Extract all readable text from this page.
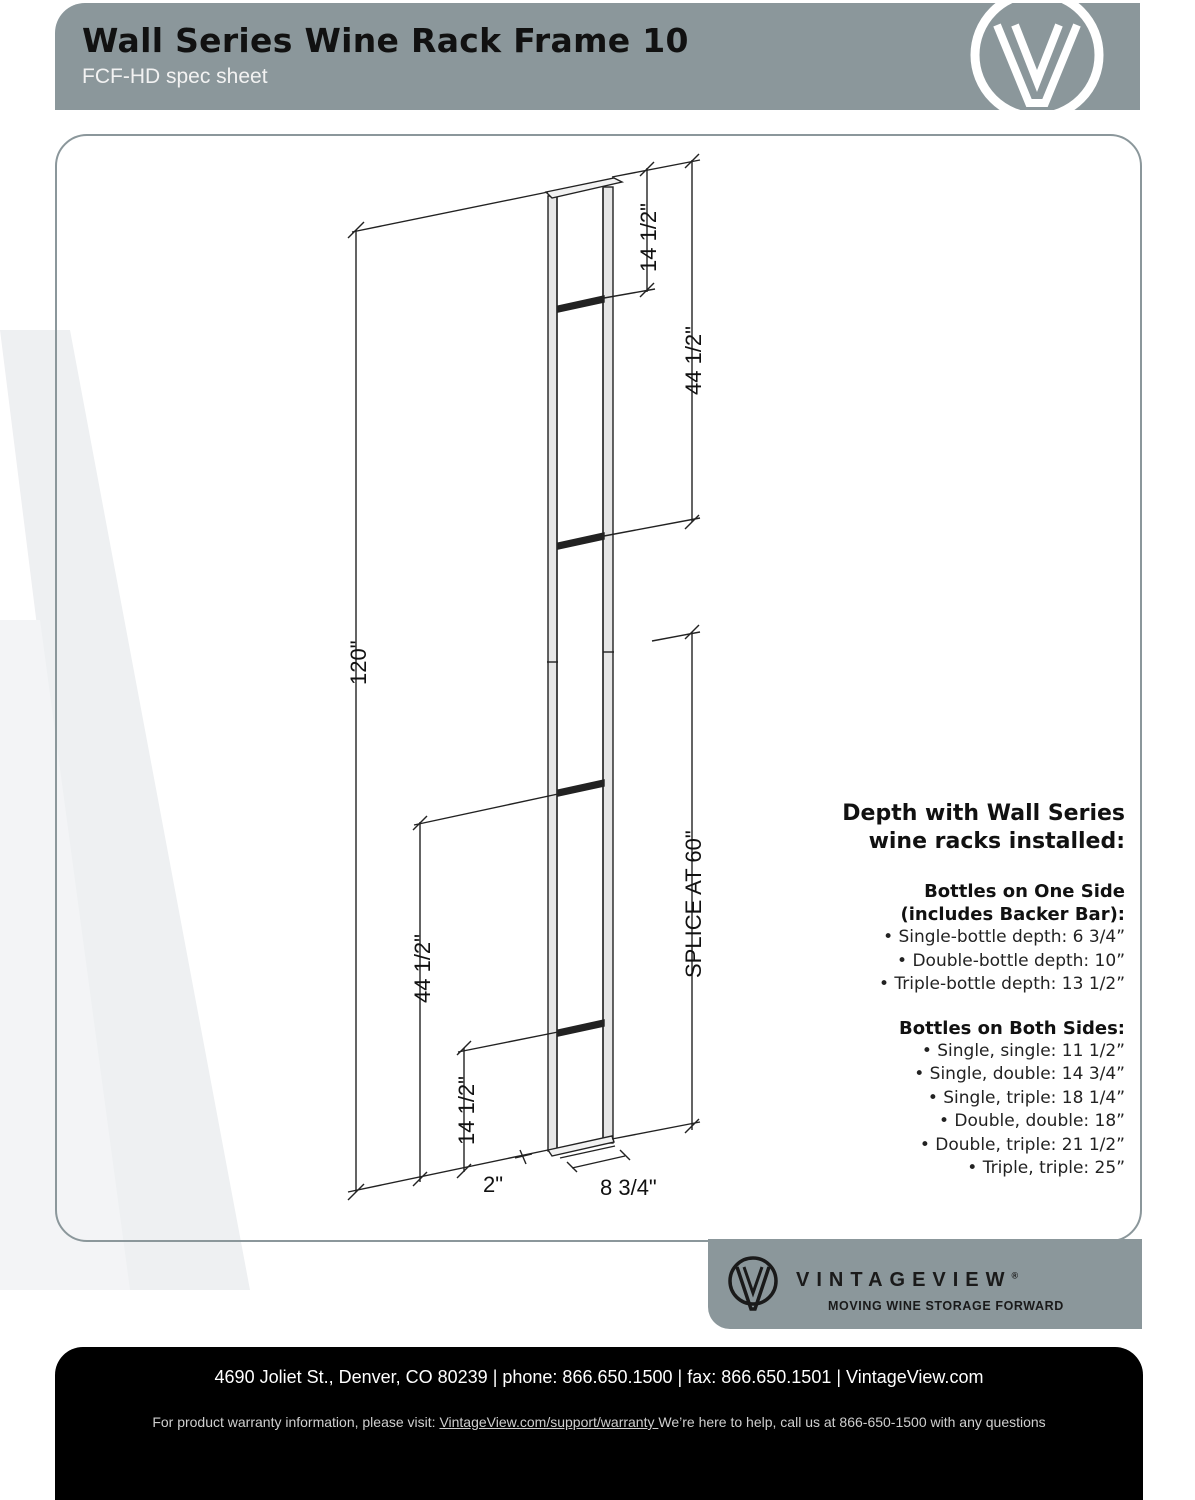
Wall Series Wine Rack Frame 10
FCF-HD spec sheet
14 1/2"
44 1/2"
120"
SPLICE AT 60"
44 1/2"
14 1/2"
2"	8 3/4"
Depth with Wall Series
wine racks installed:
Bottles on One Side
(includes Backer Bar):
• Single-bottle depth: 6 3/4”
• Double-bottle depth: 10”
• Triple-bottle depth: 13 1/2”
Bottles on Both Sides:
• Single, single: 11 1/2”
• Single, double: 14 3/4”
• Single, triple: 18 1/4”
• Double, double: 18”
• Double, triple: 21 1/2”
• Triple, triple: 25”
VINTAGEVIEW®
MOVING WINE STORAGE FORWARD
4690 Joliet St., Denver, CO 80239 | phone: 866.650.1500 | fax: 866.650.1501 | VintageView.com
For product warranty information, please visit: VintageView.com/support/warranty We’re here to help, call us at 866-650-1500 with any questions
